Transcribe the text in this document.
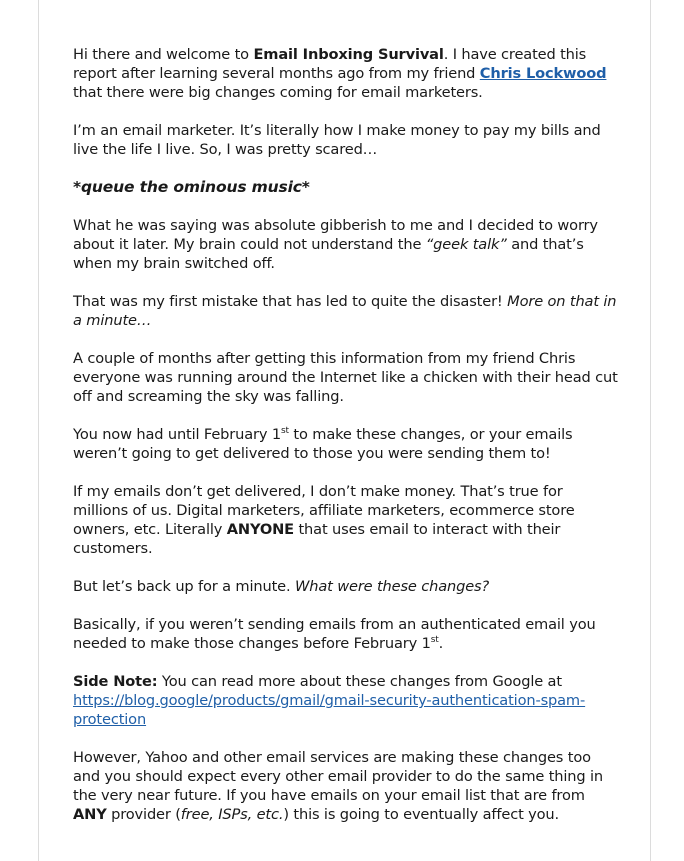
Hi there and welcome to Email Inboxing Survival. I have created this report after learning several months ago from my friend Chris Lockwood that there were big changes coming for email marketers.

I’m an email marketer. It’s literally how I make money to pay my bills and live the life I live. So, I was pretty scared…

*queue the ominous music*

What he was saying was absolute gibberish to me and I decided to worry about it later. My brain could not understand the “geek talk” and that’s when my brain switched off.

That was my first mistake that has led to quite the disaster! More on that in a minute…

A couple of months after getting this information from my friend Chris everyone was running around the Internet like a chicken with their head cut off and screaming the sky was falling.

You now had until February 1st to make these changes, or your emails weren’t going to get delivered to those you were sending them to!

If my emails don’t get delivered, I don’t make money. That’s true for millions of us. Digital marketers, affiliate marketers, ecommerce store owners, etc. Literally ANYONE that uses email to interact with their customers.

But let’s back up for a minute. What were these changes?

Basically, if you weren’t sending emails from an authenticated email you needed to make those changes before February 1st.

Side Note: You can read more about these changes from Google at https://blog.google/products/gmail/gmail-security-authentication-spam-protection

However, Yahoo and other email services are making these changes too and you should expect every other email provider to do the same thing in the very near future. If you have emails on your email list that are from ANY provider (free, ISPs, etc.) this is going to eventually affect you.
